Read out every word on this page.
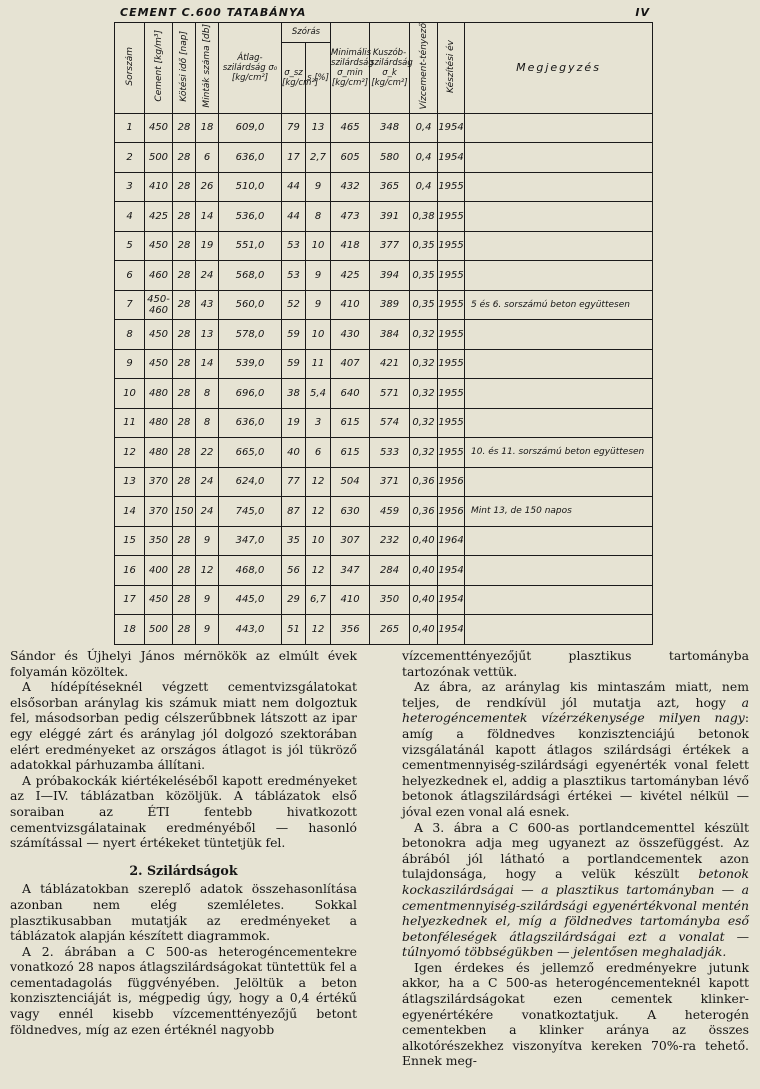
CEMENT C.600 TATABÁNYA	IV
Sorszám	Cement [kg/m³]	Kötési idő [nap]	Minták száma [db]	Átlag-szilárdság σ₀ [kg/cm²]	Szórás		Minimális szilárdság σ_min [kg/cm²]	Kuszób-szilárdság σ_k [kg/cm²]	Vízcement-tényező	Készítési év	Megjegyzés
					σ_sz [kg/cm²]	s [%]					
1	450	28	18	609,0	79	13	465	348	0,4	1954	
2	500	28	6	636,0	17	2,7	605	580	0,4	1954	
3	410	28	26	510,0	44	9	432	365	0,4	1955	
4	425	28	14	536,0	44	8	473	391	0,38	1955	
5	450	28	19	551,0	53	10	418	377	0,35	1955	
6	460	28	24	568,0	53	9	425	394	0,35	1955	
7	450-460	28	43	560,0	52	9	410	389	0,35	1955	5 és 6. sorszámú beton együttesen
8	450	28	13	578,0	59	10	430	384	0,32	1955	
9	450	28	14	539,0	59	11	407	421	0,32	1955	
10	480	28	8	696,0	38	5,4	640	571	0,32	1955	
11	480	28	8	636,0	19	3	615	574	0,32	1955	
12	480	28	22	665,0	40	6	615	533	0,32	1955	10. és 11. sorszámú beton együttesen
13	370	28	24	624,0	77	12	504	371	0,36	1956	
14	370	150	24	745,0	87	12	630	459	0,36	1956	Mint 13, de 150 napos
15	350	28	9	347,0	35	10	307	232	0,40	1964	
16	400	28	12	468,0	56	12	347	284	0,40	1954	
17	450	28	9	445,0	29	6,7	410	350	0,40	1954	
18	500	28	9	443,0	51	12	356	265	0,40	1954	

Sándor és Újhelyi János mérnökök az elmúlt évek folyamán közöltek.

A hídépítéseknél végzett cementvizsgálatokat elsősorban aránylag kis számuk miatt nem dolgoztuk fel, másodsorban pedig célszerűbbnek látszott az ipar egy eléggé zárt és aránylag jól dolgozó szektorában elért eredményeket az országos átlagot is jól tükröző adatokkal párhuzamba állítani.

A próbakockák kiértékeléséből kapott eredményeket az I—IV. táblázatban közöljük. A táblázatok első soraiban az ÉTI fentebb hivatkozott cementvizsgálatainak eredményéből — hasonló számítással — nyert értékeket tüntetjük fel.

2. Szilárdságok

A táblázatokban szereplő adatok összehasonlítása azonban nem elég szemléletes. Sokkal plasztikusabban mutatják az eredményeket a táblázatok alapján készített diagrammok.

A 2. ábrában a C 500-as heterogéncementekre vonatkozó 28 napos átlagszilárdságokat tüntettük fel a cementadagolás függvényében. Jelöltük a beton konzisztenciáját is, mégpedig úgy, hogy a 0,4 értékű vagy ennél kisebb vízcementtényezőjű betont földnedves, míg az ezen értéknél nagyobb

vízcementtényezőjűt plasztikus tartományba tartozónak vettük.

Az ábra, az aránylag kis mintaszám miatt, nem teljes, de rendkívül jól mutatja azt, hogy a heterogéncementek vízérzékenysége milyen nagy: amíg a földnedves konzisztenciájú betonok vizsgálatánál kapott átlagos szilárdsági értékek a cementmennyiség-szilárdsági egyenérték vonal felett helyezkednek el, addig a plasztikus tartományban lévő betonok átlagszilárdsági értékei — kivétel nélkül — jóval ezen vonal alá esnek.

A 3. ábra a C 600-as portlandcementtel készült betonokra adja meg ugyanezt az összefüggést. Az ábrából jól látható a portlandcementek azon tulajdonsága, hogy a velük készült betonok kockaszilárdságai — a plasztikus tartományban — a cementmennyiség-szilárdsági egyenértékvonal mentén helyezkednek el, míg a földnedves tartományba eső betonféleségek átlagszilárdságai ezt a vonalat — túlnyomó többségükben — jelentősen meghaladják.

Igen érdekes és jellemző eredményekre jutunk akkor, ha a C 500-as heterogéncementeknél kapott átlagszilárdságokat ezen cementek klinker-egyenértékére vonatkoztatjuk. A heterogén cementekben a klinker aránya az összes alkotórészekhez viszonyítva kereken 70%-ra tehető. Ennek meg-
